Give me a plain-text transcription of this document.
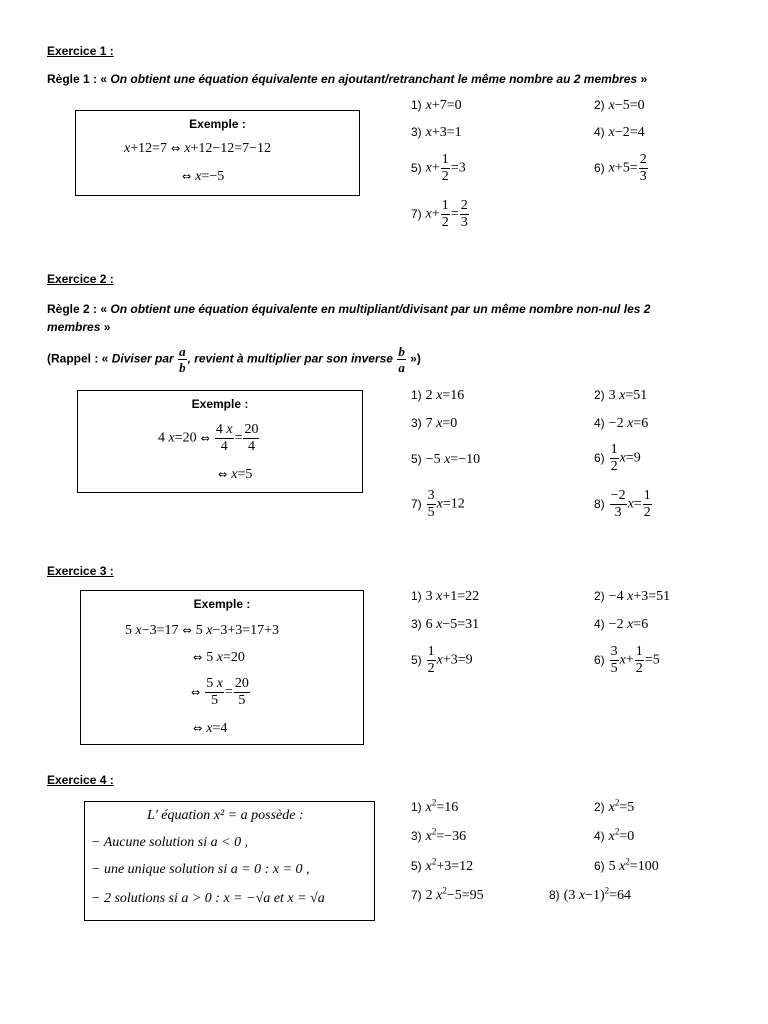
Exercice 1 :
Règle 1 : « On obtient une équation équivalente en ajoutant/retranchant le même nombre au 2 membres »
Exemple :
x+12=7 ⇔ x+12−12=7−12
⇔ x=−5
1) x+7=0	2) x−5=0
3) x+3=1	4) x−2=4
5) $x+ \frac{1}{2} =3$	6) $x+5= \frac{2}{3}$
7) $x+ \frac{1}{2} = \frac{2}{3}$
Exercice 2 :
Règle 2 : « On obtient une équation équivalente en multipliant/divisant par un même nombre non-nul les 2
membres »
(Rappel : « Diviser par $\frac{a}{b}$ , revient à multiplier par son inverse $\frac{b}{a}$ »)
Exemple :
4 x=20 ⇔ $\frac{4 x}{4} = \frac{20}{4}$
⇔ x=5
1) 2 x=16	2) 3 x=51
3) 7 x=0	4) −2 x=6
5) −5 x=−10	$6) \frac{1}{2} x=9$
$7) \frac{3}{5} x=12$	$8) \frac{-2}{3} x= \frac{1}{2}$
Exercice 3 :
Exemple :
5 x−3=17 ⇔ 5 x−3+3=17+3
⇔ 5 x=20
⇔ $\frac{5 x}{5} = \frac{20}{5}$
⇔ x=4
1) 3 x+1=22	2) −4 x+3=51
3) 6 x−5=31	4) −2 x=6
$5) \frac{1}{2} x+3=9$	$6) \frac{3}{5} x+ \frac{1}{2} =5$
Exercice 4 :
L' équation x² = a possède :
− Aucune solution si a < 0 ,
− une unique solution si a = 0 : x = 0 ,
− 2 solutions si a > 0 : x = −√a et x = √a
1) $x^2=16$	2) $x^2=5$
3) $x^2=-36$	4) $x^2=0$
5) $x^2+3=12$	6) 5 $x^2=100$
7) 2 $x^2-5=95$	8) (3 x−1)$^2$=64
